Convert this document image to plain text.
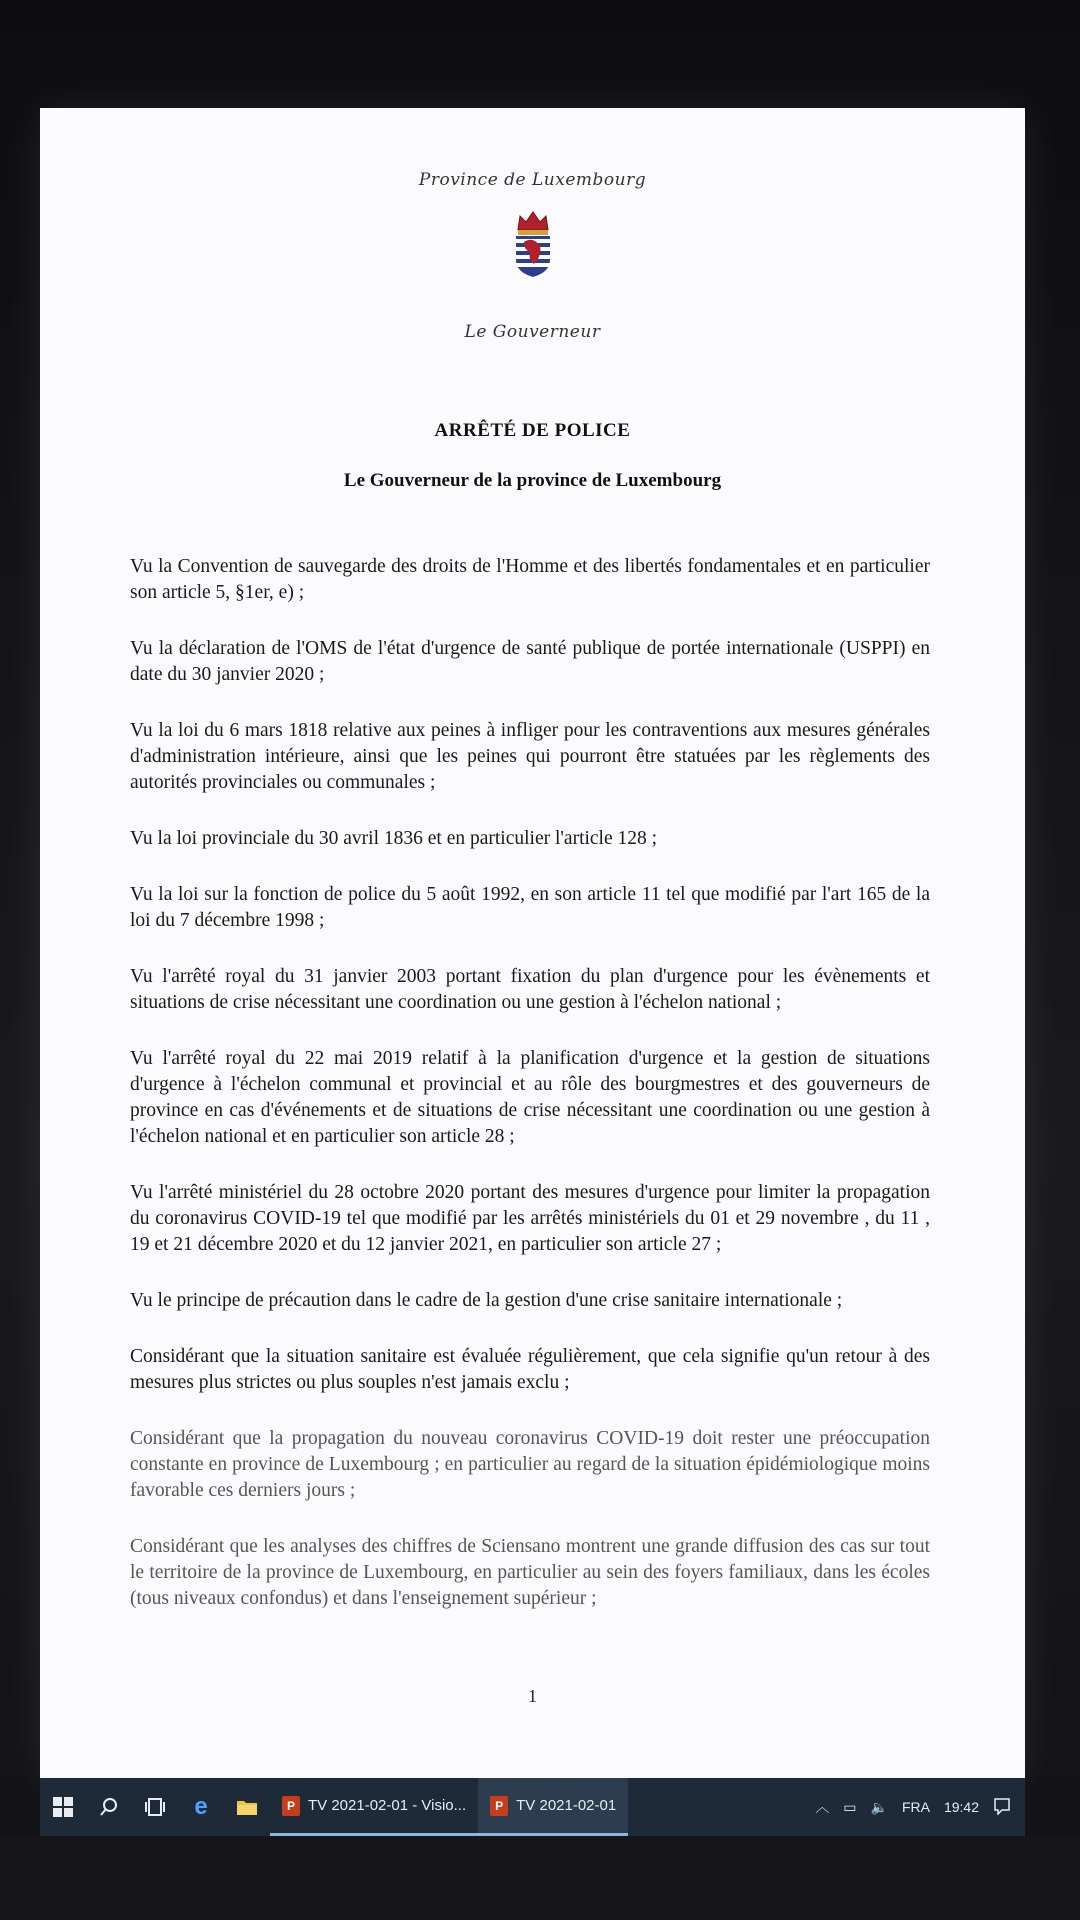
Province de Luxembourg
Le Gouverneur
ARRÊTÉ DE POLICE
Le Gouverneur de la province de Luxembourg

Vu la Convention de sauvegarde des droits de l'Homme et des libertés fondamentales et en particulier son article 5, §1er, e) ;

Vu la déclaration de l'OMS de l'état d'urgence de santé publique de portée internationale (USPPI) en date du 30 janvier 2020 ;

Vu la loi du 6 mars 1818 relative aux peines à infliger pour les contraventions aux mesures générales d'administration intérieure, ainsi que les peines qui pourront être statuées par les règlements des autorités provinciales ou communales ;

Vu la loi provinciale du 30 avril 1836 et en particulier l'article 128 ;

Vu la loi sur la fonction de police du 5 août 1992, en son article 11 tel que modifié par l'art 165 de la loi du 7 décembre 1998 ;

Vu l'arrêté royal du 31 janvier 2003 portant fixation du plan d'urgence pour les évènements et situations de crise nécessitant une coordination ou une gestion à l'échelon national ;

Vu l'arrêté royal du 22 mai 2019 relatif à la planification d'urgence et la gestion de situations d'urgence à l'échelon communal et provincial et au rôle des bourgmestres et des gouverneurs de province en cas d'événements et de situations de crise nécessitant une coordination ou une gestion à l'échelon national et en particulier son article 28 ;

Vu l'arrêté ministériel du 28 octobre 2020 portant des mesures d'urgence pour limiter la propagation du coronavirus COVID-19 tel que modifié par les arrêtés ministériels du 01 et 29 novembre , du 11 , 19 et 21 décembre 2020 et du 12 janvier 2021, en particulier son article 27 ;

Vu le principe de précaution dans le cadre de la gestion d'une crise sanitaire internationale ;

Considérant que la situation sanitaire est évaluée régulièrement, que cela signifie qu'un retour à des mesures plus strictes ou plus souples n'est jamais exclu ;

Considérant que la propagation du nouveau coronavirus COVID-19 doit rester une préoccupation constante en province de Luxembourg ; en particulier au regard de la situation épidémiologique moins favorable ces derniers jours ;

Considérant que les analyses des chiffres de Sciensano montrent une grande diffusion des cas sur tout le territoire de la province de Luxembourg, en particulier au sein des foyers familiaux, dans les écoles (tous niveaux confondus) et dans l'enseignement supérieur ;

1
e	P TV 2021-02-01 - Visio...	P TV 2021-02-01	︿ ▭ 🔈 FRA 19:42
